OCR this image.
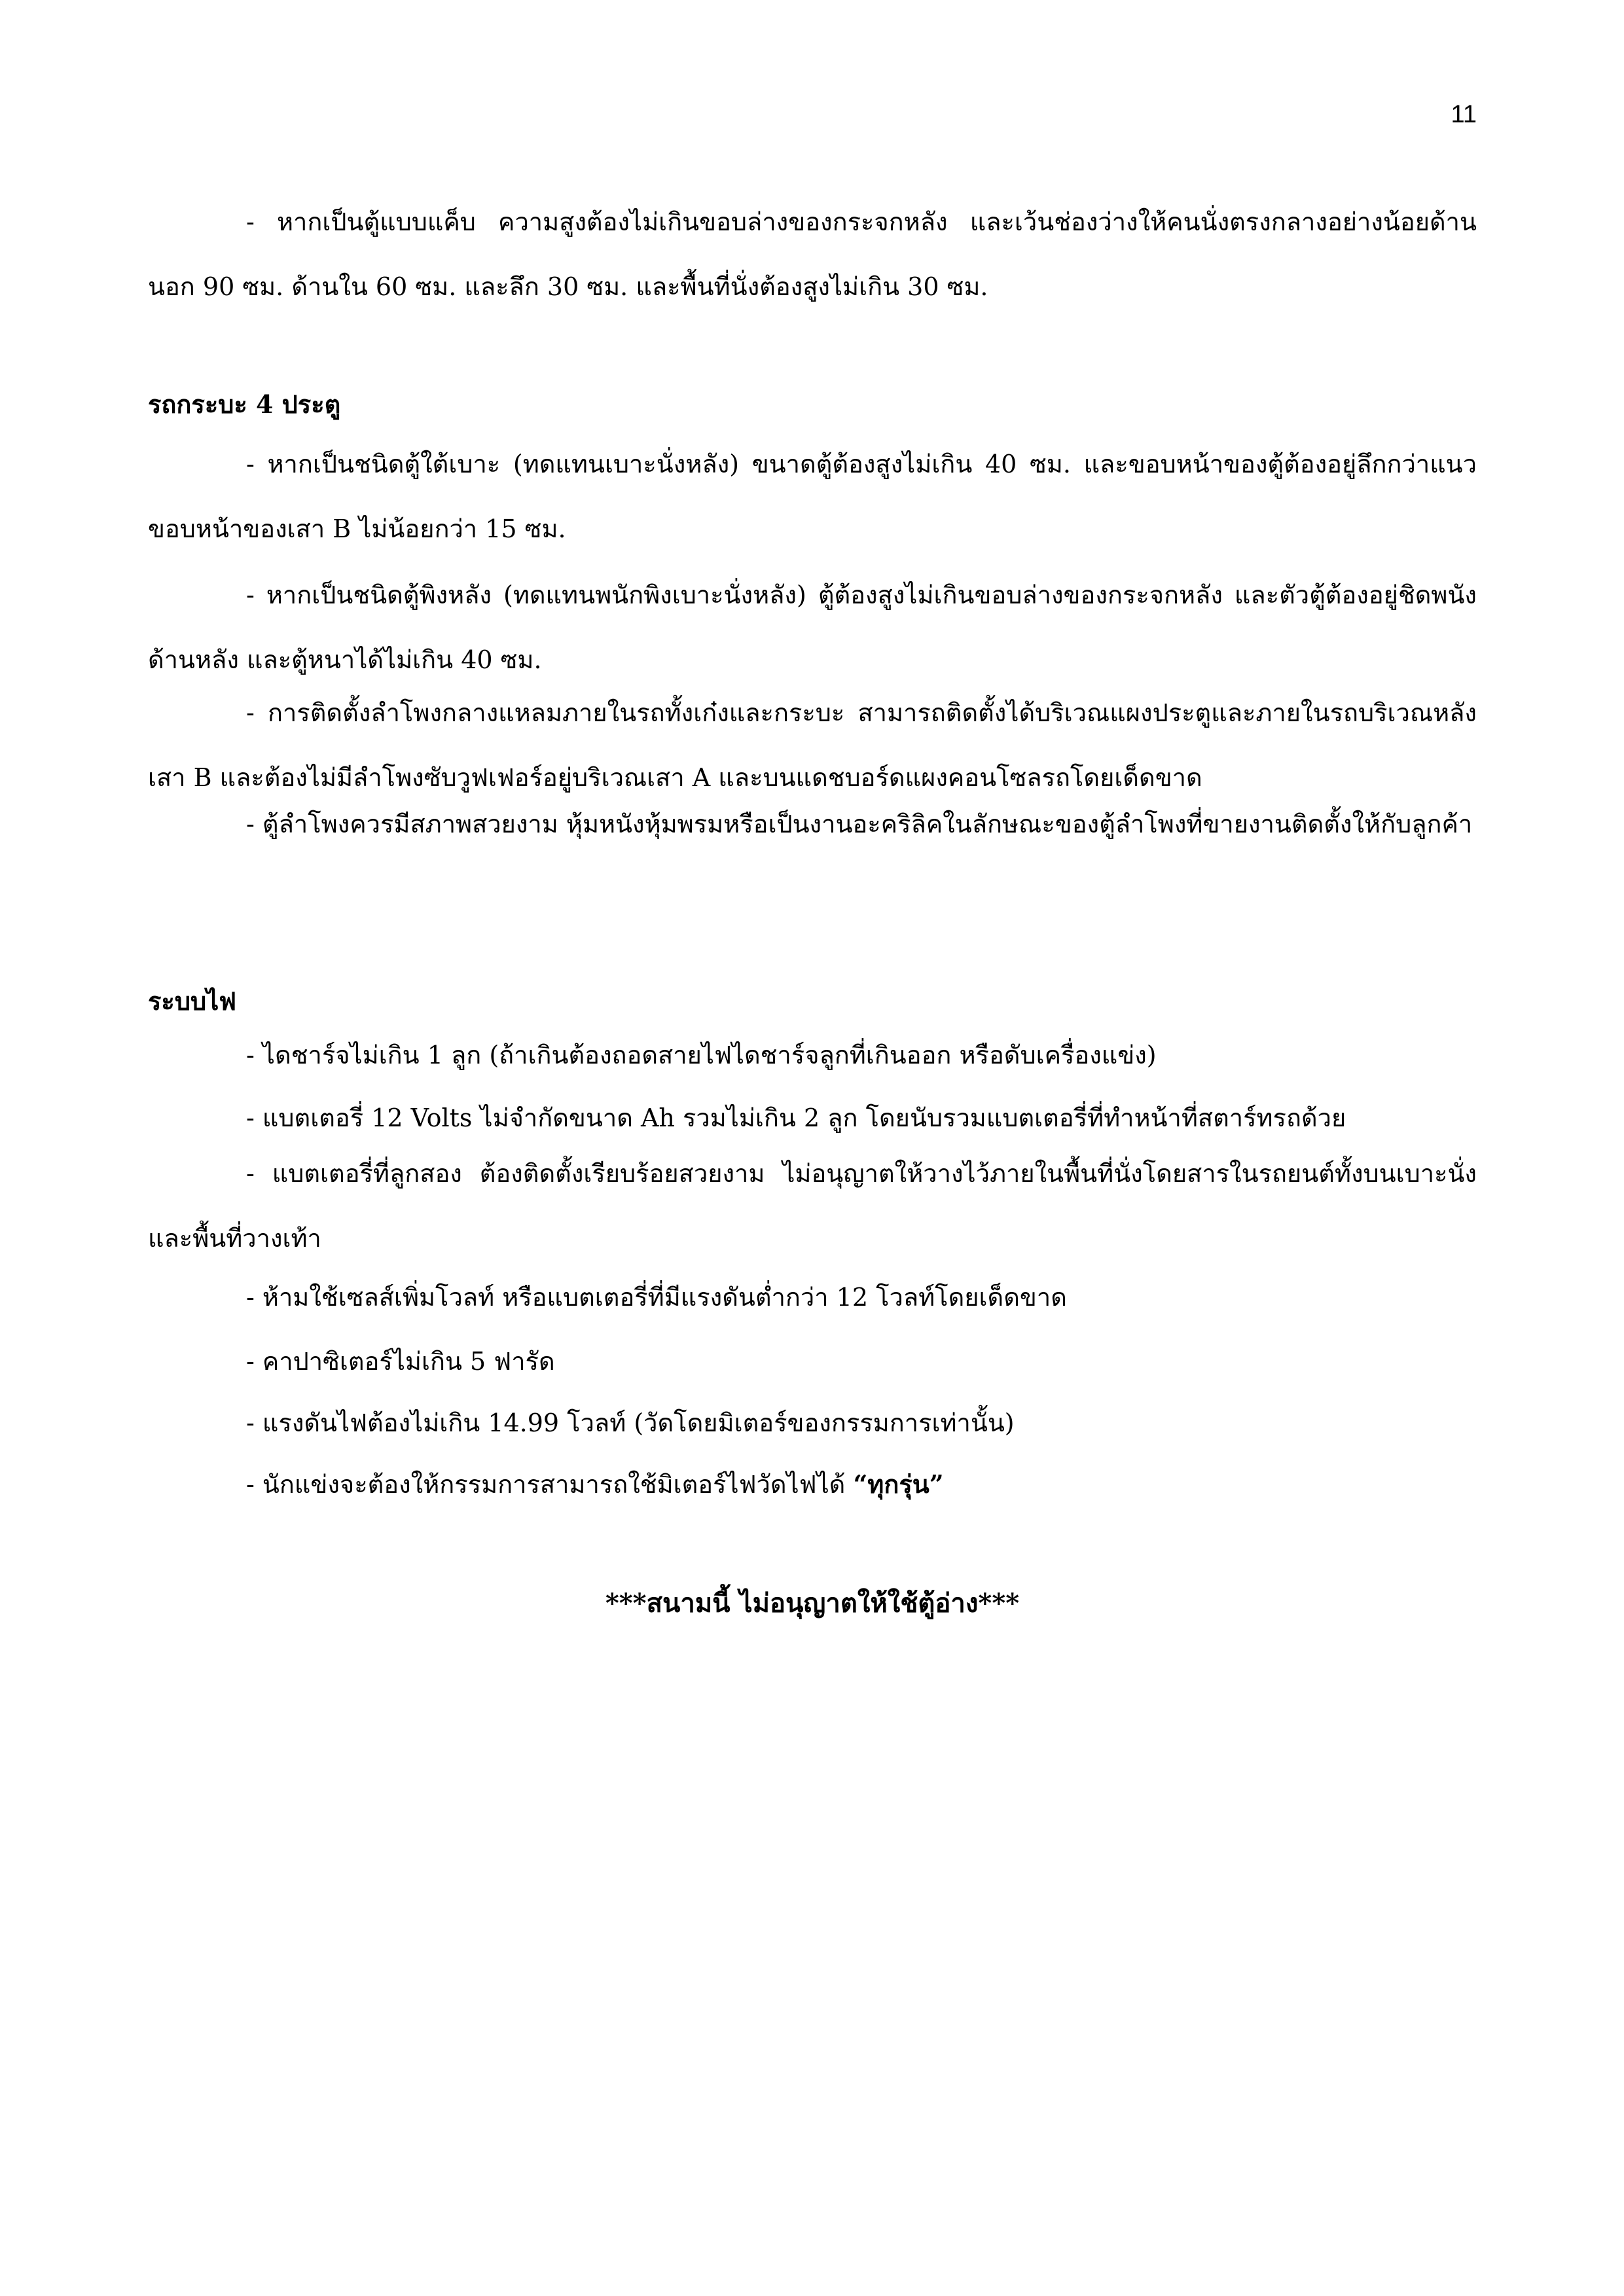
11

- หากเป็นตู้แบบแค็บ ความสูงต้องไม่เกินขอบล่างของกระจกหลัง และเว้นช่องว่างให้คนนั่งตรงกลางอย่างน้อยด้านนอก 90 ซม. ด้านใน 60 ซม. และลึก 30 ซม. และพื้นที่นั่งต้องสูงไม่เกิน 30 ซม.

รถกระบะ 4 ประตู

- หากเป็นชนิดตู้ใต้เบาะ (ทดแทนเบาะนั่งหลัง) ขนาดตู้ต้องสูงไม่เกิน 40 ซม. และขอบหน้าของตู้ต้องอยู่ลึกกว่าแนวขอบหน้าของเสา B ไม่น้อยกว่า 15 ซม.

- หากเป็นชนิดตู้พิงหลัง (ทดแทนพนักพิงเบาะนั่งหลัง) ตู้ต้องสูงไม่เกินขอบล่างของกระจกหลัง และตัวตู้ต้องอยู่ชิดพนังด้านหลัง และตู้หนาได้ไม่เกิน 40 ซม.

- การติดตั้งลำโพงกลางแหลมภายในรถทั้งเก๋งและกระบะ สามารถติดตั้งได้บริเวณแผงประตูและภายในรถบริเวณหลังเสา B และต้องไม่มีลำโพงซับวูฟเฟอร์อยู่บริเวณเสา A และบนแดชบอร์ดแผงคอนโซลรถโดยเด็ดขาด

- ตู้ลำโพงควรมีสภาพสวยงาม หุ้มหนังหุ้มพรมหรือเป็นงานอะคริลิคในลักษณะของตู้ลำโพงที่ขายงานติดตั้งให้กับลูกค้า

ระบบไฟ
- ไดชาร์จไม่เกิน 1 ลูก (ถ้าเกินต้องถอดสายไฟไดชาร์จลูกที่เกินออก หรือดับเครื่องแข่ง)
- แบตเตอรี่ 12 Volts ไม่จำกัดขนาด Ah รวมไม่เกิน 2 ลูก โดยนับรวมแบตเตอรี่ที่ทำหน้าที่สตาร์ทรถด้วย

- แบตเตอรี่ที่ลูกสอง ต้องติดตั้งเรียบร้อยสวยงาม ไม่อนุญาตให้วางไว้ภายในพื้นที่นั่งโดยสารในรถยนต์ทั้งบนเบาะนั่งและพื้นที่วางเท้า

- ห้ามใช้เซลส์เพิ่มโวลท์ หรือแบตเตอรี่ที่มีแรงดันต่ำกว่า 12 โวลท์โดยเด็ดขาด
- คาปาซิเตอร์ไม่เกิน 5 ฟารัด
- แรงดันไฟต้องไม่เกิน 14.99 โวลท์ (วัดโดยมิเตอร์ของกรรมการเท่านั้น)
- นักแข่งจะต้องให้กรรมการสามารถใช้มิเตอร์ไฟวัดไฟได้ “ทุกรุ่น”
***สนามนี้ ไม่อนุญาตให้ใช้ตู้อ่าง***
